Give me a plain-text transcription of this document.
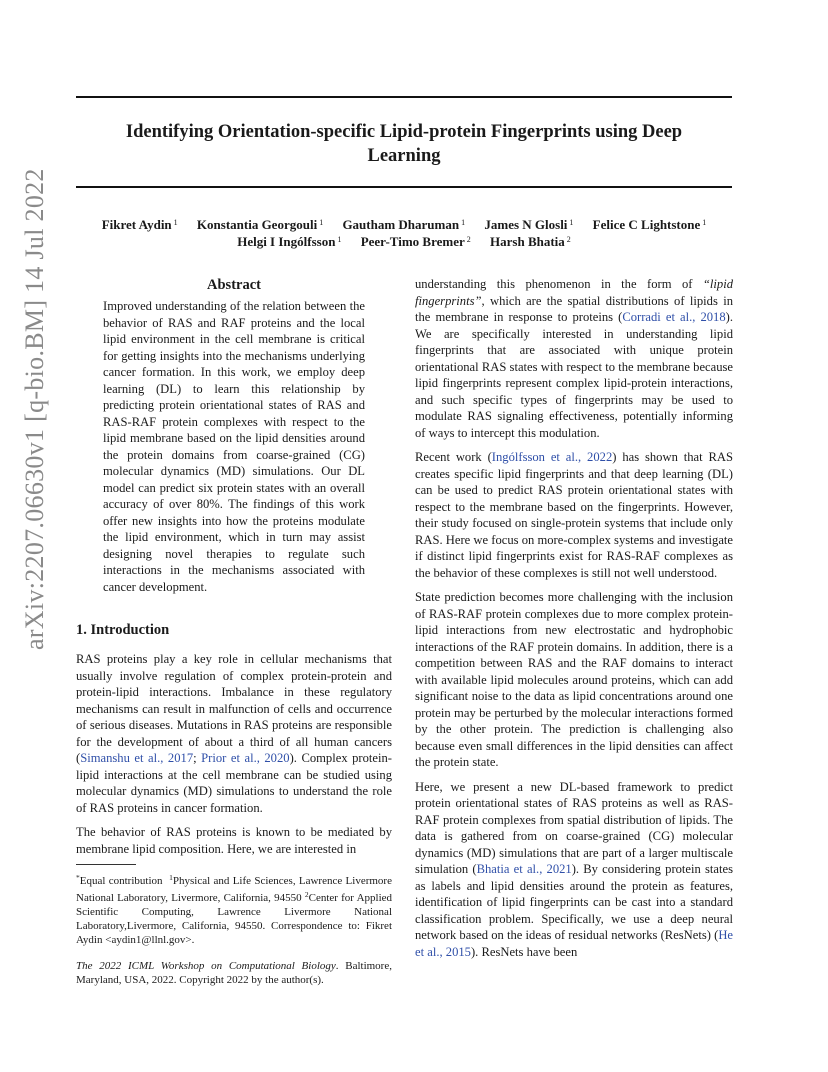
Identifying Orientation-specific Lipid-protein Fingerprints using Deep
Learning
Fikret Aydin $^1$ Konstantia Georgouli $^1$ Gautham Dharuman $^1$ James N Glosli $^1$ Felice C Lightstone $^1$
Helgi I Ingólfsson $^1$ Peer-Timo Bremer $^2$ Harsh Bhatia $^2$
arXiv:2207.06630v1 [q-bio.BM] 14 Jul 2022	Abstract

Improved understanding of the relation between the behavior of RAS and RAF proteins and the local lipid environment in the cell membrane is critical for getting insights into the mechanisms underlying cancer formation. In this work, we employ deep learning (DL) to learn this relationship by predicting protein orientational states of RAS and RAS-RAF protein complexes with respect to the lipid membrane based on the lipid densities around the protein domains from coarse-grained (CG) molecular dynamics (MD) simulations. Our DL model can predict six protein states with an overall accuracy of over 80%. The findings of this work offer new insights into how the proteins modulate the lipid environment, which in turn may assist designing novel therapies to regulate such interactions in the mechanisms associated with cancer development.

1. Introduction

RAS proteins play a key role in cellular mechanisms that usually involve regulation of complex protein-protein and protein-lipid interactions. Imbalance in these regulatory mechanisms can result in malfunction of cells and occurrence of serious diseases. Mutations in RAS proteins are responsible for the development of about a third of all human cancers (Simanshu et al., 2017; Prior et al., 2020). Complex protein-lipid interactions at the cell membrane can be studied using molecular dynamics (MD) simulations to understand the role of RAS proteins in cancer formation.

The behavior of RAS proteins is known to be mediated by membrane lipid composition. Here, we are interested in

*Equal contribution $^1$Physical and Life Sciences, Lawrence Livermore National Laboratory, Livermore, California, 94550 $^2$Center for Applied Scientific Computing, Lawrence Livermore National Laboratory,Livermore, California, 94550. Correspondence to: Fikret Aydin <aydin1@llnl.gov>.

The 2022 ICML Workshop on Computational Biology. Baltimore, Maryland, USA, 2022. Copyright 2022 by the author(s).

understanding this phenomenon in the form of “lipid fingerprints”, which are the spatial distributions of lipids in the membrane in response to proteins (Corradi et al., 2018). We are specifically interested in understanding lipid fingerprints that are associated with unique protein orientational RAS states with respect to the membrane because lipid fingerprints represent complex lipid-protein interactions, and such specific types of fingerprints may be used to modulate RAS signaling effectiveness, potentially informing of ways to intercept this modulation.

Recent work (Ingólfsson et al., 2022) has shown that RAS creates specific lipid fingerprints and that deep learning (DL) can be used to predict RAS protein orientational states with respect to the membrane based on the fingerprints. However, their study focused on single-protein systems that include only RAS. Here we focus on more-complex systems and investigate if distinct lipid fingerprints exist for RAS-RAF complexes as the behavior of these complexes is still not well understood.

State prediction becomes more challenging with the inclusion of RAS-RAF protein complexes due to more complex protein-lipid interactions from new electrostatic and hydrophobic interactions of the RAF protein domains. In addition, there is a competition between RAS and the RAF domains to interact with available lipid molecules around proteins, which can add significant noise to the data as lipid concentrations around one protein may be perturbed by the molecular interactions formed by the other protein. The prediction is challenging also because even small differences in the lipid densities can affect the protein state.

Here, we present a new DL-based framework to predict protein orientational states of RAS proteins as well as RAS-RAF protein complexes from spatial distribution of lipids. The data is gathered from on coarse-grained (CG) molecular dynamics (MD) simulations that are part of a larger multiscale simulation (Bhatia et al., 2021). By considering protein states as labels and lipid densities around the protein as features, identification of lipid fingerprints can be cast into a standard classification problem. Specifically, we use a deep neural network based on the ideas of residual networks (ResNets) (He et al., 2015). ResNets have been
